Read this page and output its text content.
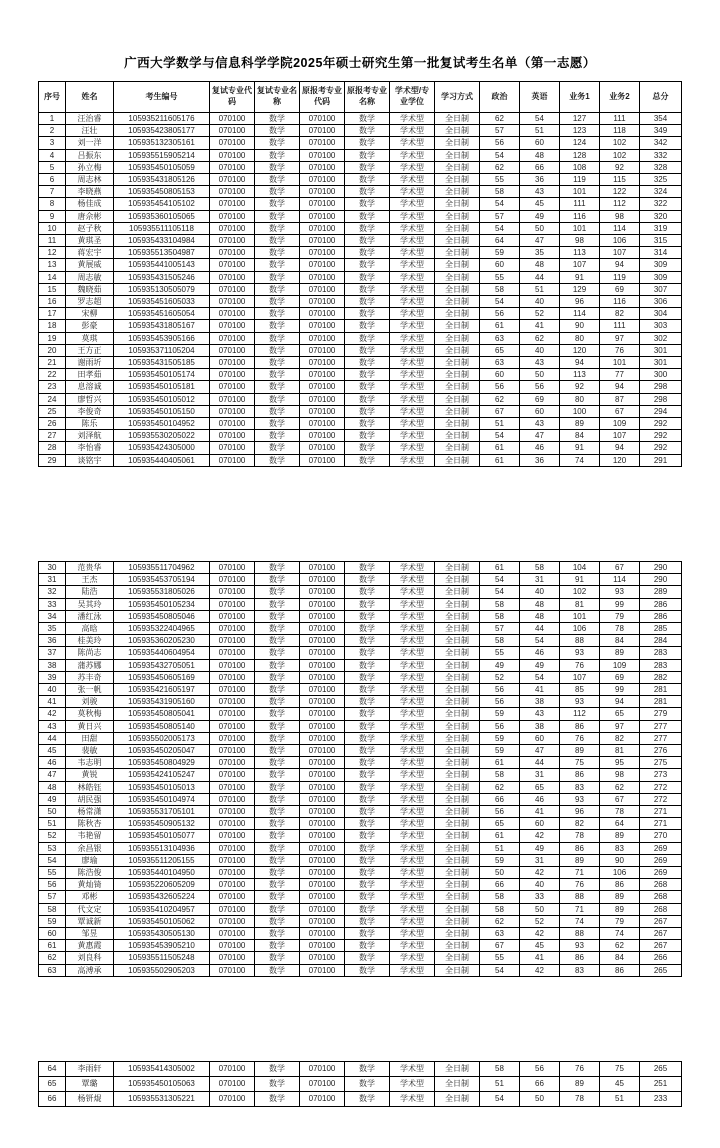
广西大学数学与信息科学学院2025年硕士研究生第一批复试考生名单（第一志愿）
序号	姓名	考生编号	复试专业代码	复试专业名称	原报考专业代码	原报考专业名称	学术型/专业学位	学习方式	政治	英语	业务1	业务2	总分
1	汪治睿	105935211605176	070100	数学	070100	数学	学术型	全日制	62	54	127	111	354
2	汪壮	105935423805177	070100	数学	070100	数学	学术型	全日制	57	51	123	118	349
3	刘一洋	105935132305161	070100	数学	070100	数学	学术型	全日制	56	60	124	102	342
4	吕振东	105935515905214	070100	数学	070100	数学	学术型	全日制	54	48	128	102	332
5	孙立梅	105935450105059	070100	数学	070100	数学	学术型	全日制	62	66	108	92	328
6	周志林	105935431805126	070100	数学	070100	数学	学术型	全日制	55	36	119	115	325
7	李晓燕	105935450805153	070100	数学	070100	数学	学术型	全日制	58	43	101	122	324
8	杨佳成	105935454105102	070100	数学	070100	数学	学术型	全日制	54	45	111	112	322
9	唐佘彬	105935360105065	070100	数学	070100	数学	学术型	全日制	57	49	116	98	320
10	赵子秋	105935511105118	070100	数学	070100	数学	学术型	全日制	54	50	101	114	319
11	黄琪圣	105935433104984	070100	数学	070100	数学	学术型	全日制	64	47	98	106	315
12	蒋宏宇	105935513504987	070100	数学	070100	数学	学术型	全日制	59	35	113	107	314
13	黄展威	105935441005143	070100	数学	070100	数学	学术型	全日制	60	48	107	94	309
14	周志敏	105935431505246	070100	数学	070100	数学	学术型	全日制	55	44	91	119	309
15	魏晓茹	105935130505079	070100	数学	070100	数学	学术型	全日制	58	51	129	69	307
16	罗志超	105935451605033	070100	数学	070100	数学	学术型	全日制	54	40	96	116	306
17	宋柳	105935451605054	070100	数学	070100	数学	学术型	全日制	56	52	114	82	304
18	彭豪	105935431805167	070100	数学	070100	数学	学术型	全日制	61	41	90	111	303
19	莫琪	105935453905166	070100	数学	070100	数学	学术型	全日制	63	62	80	97	302
20	王方正	105935371105204	070100	数学	070100	数学	学术型	全日制	65	40	120	76	301
21	谢雨圻	105935431505185	070100	数学	070100	数学	学术型	全日制	63	43	94	101	301
22	田孝茹	105935450105174	070100	数学	070100	数学	学术型	全日制	60	50	113	77	300
23	息溶诚	105935450105181	070100	数学	070100	数学	学术型	全日制	56	56	92	94	298
24	廖哲兴	105935450105012	070100	数学	070100	数学	学术型	全日制	62	69	80	87	298
25	李俊奇	105935450105150	070100	数学	070100	数学	学术型	全日制	67	60	100	67	294
26	陈乐	105935450104952	070100	数学	070100	数学	学术型	全日制	51	43	89	109	292
27	刘泽航	105935530205022	070100	数学	070100	数学	学术型	全日制	54	47	84	107	292
28	李怡睿	105935424305000	070100	数学	070100	数学	学术型	全日制	61	46	91	94	292
29	谈铭宇	105935440405061	070100	数学	070100	数学	学术型	全日制	61	36	74	120	291
30	范贵华	105935511704962	070100	数学	070100	数学	学术型	全日制	61	58	104	67	290
31	王杰	105935453705194	070100	数学	070100	数学	学术型	全日制	54	31	91	114	290
32	陆浩	105935531805026	070100	数学	070100	数学	学术型	全日制	54	40	102	93	289
33	吴其玲	105935450105234	070100	数学	070100	数学	学术型	全日制	58	48	81	99	286
34	潘红泳	105935450805046	070100	数学	070100	数学	学术型	全日制	58	48	101	79	286
35	高晗	105935322404965	070100	数学	070100	数学	学术型	全日制	57	44	106	78	285
36	桂美玲	105935360205230	070100	数学	070100	数学	学术型	全日制	58	54	88	84	284
37	陈尚志	105935440604954	070100	数学	070100	数学	学术型	全日制	55	46	93	89	283
38	蒲苏娜	105935432705051	070100	数学	070100	数学	学术型	全日制	49	49	76	109	283
39	苏丰奇	105935450605169	070100	数学	070100	数学	学术型	全日制	52	54	107	69	282
40	张一帆	105935421605197	070100	数学	070100	数学	学术型	全日制	56	41	85	99	281
41	刘骏	105935431905160	070100	数学	070100	数学	学术型	全日制	56	38	93	94	281
42	莫秋梅	105935450805041	070100	数学	070100	数学	学术型	全日制	59	43	112	65	279
43	黄日兴	105935450805140	070100	数学	070100	数学	学术型	全日制	56	38	86	97	277
44	田甜	105935502005173	070100	数学	070100	数学	学术型	全日制	59	60	76	82	277
45	裴敏	105935450205047	070100	数学	070100	数学	学术型	全日制	59	47	89	81	276
46	韦志明	105935450804929	070100	数学	070100	数学	学术型	全日制	61	44	75	95	275
47	黄锐	105935424105247	070100	数学	070100	数学	学术型	全日制	58	31	86	98	273
48	林皓钰	105935450105013	070100	数学	070100	数学	学术型	全日制	62	65	83	62	272
49	胡民强	105935450104974	070100	数学	070100	数学	学术型	全日制	66	46	93	67	272
50	杨常潇	105935531705101	070100	数学	070100	数学	学术型	全日制	56	41	96	78	271
51	陈秋杏	105935450905132	070100	数学	070100	数学	学术型	全日制	65	60	82	64	271
52	韦艳留	105935450105077	070100	数学	070100	数学	学术型	全日制	61	42	78	89	270
53	余昌银	105935513104936	070100	数学	070100	数学	学术型	全日制	51	49	86	83	269
54	廖瑜	105935511205155	070100	数学	070100	数学	学术型	全日制	59	31	89	90	269
55	陈浩俊	105935440104950	070100	数学	070100	数学	学术型	全日制	50	42	71	106	269
56	黄灿锜	105935220605209	070100	数学	070100	数学	学术型	全日制	66	40	76	86	268
57	邓彬	105935432605224	070100	数学	070100	数学	学术型	全日制	58	33	88	89	268
58	代文定	105935410204957	070100	数学	070100	数学	学术型	全日制	58	50	71	89	268
59	覃诚新	105935450105062	070100	数学	070100	数学	学术型	全日制	62	52	74	79	267
60	邹昱	105935430505130	070100	数学	070100	数学	学术型	全日制	63	42	88	74	267
61	黄惠霞	105935453905210	070100	数学	070100	数学	学术型	全日制	67	45	93	62	267
62	刘良科	105935511505248	070100	数学	070100	数学	学术型	全日制	55	41	86	84	266
63	高溥承	105935502905203	070100	数学	070100	数学	学术型	全日制	54	42	83	86	265
64	李雨轩	105935414305002	070100	数学	070100	数学	学术型	全日制	58	56	76	75	265
65	覃璐	105935450105063	070100	数学	070100	数学	学术型	全日制	51	66	89	45	251
66	杨钘焜	105935531305221	070100	数学	070100	数学	学术型	全日制	54	50	78	51	233
